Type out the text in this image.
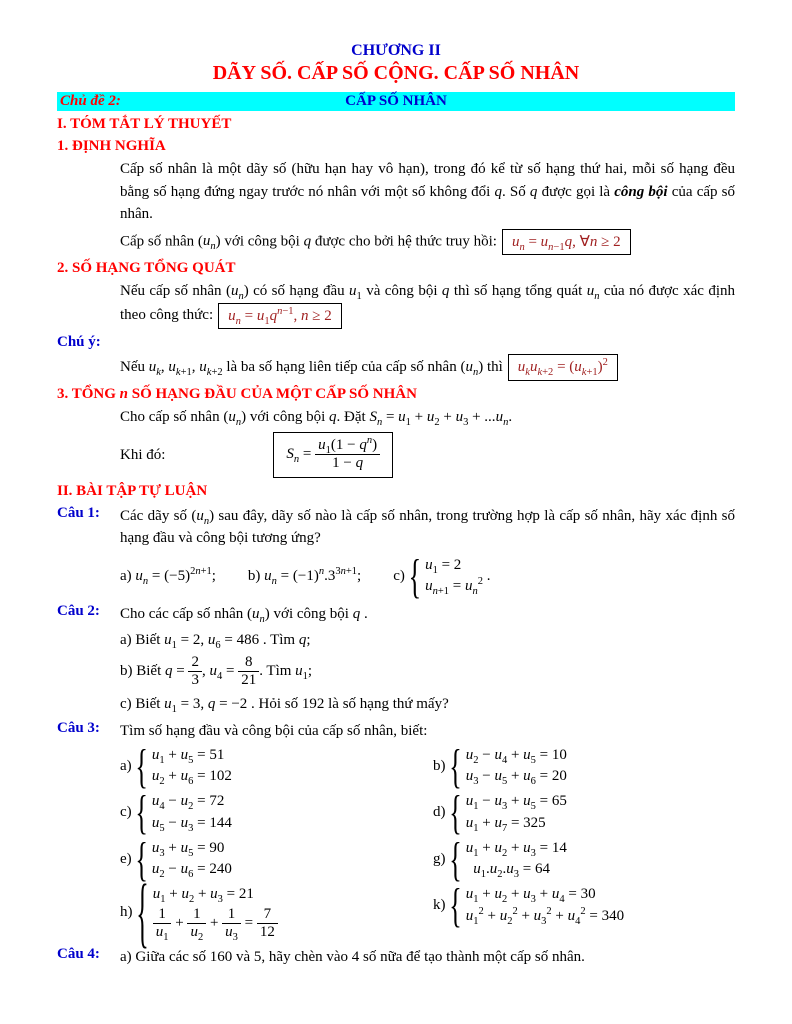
CHƯƠNG II
DÃY SỐ. CẤP SỐ CỘNG. CẤP SỐ NHÂN
Chủ đề 2:	CẤP SỐ NHÂN
I. TÓM TẮT LÝ THUYẾT
1. ĐỊNH NGHĨA
Cấp số nhân là một dãy số (hữu hạn hay vô hạn), trong đó kể từ số hạng thứ hai, mỗi số hạng đều bằng số hạng đứng ngay trước nó nhân với một số không đổi q. Số q được gọi là công bội của cấp số nhân.
Cấp số nhân $(u_n)$ với công bội q được cho bởi hệ thức truy hồi: $u_n = u_{n-1}q$, ∀n ≥ 2
2. SỐ HẠNG TỔNG QUÁT
Nếu cấp số nhân $(u_n)$ có số hạng đầu $u_1$ và công bội q thì số hạng tổng quát $u_n$ của nó được xác định theo công thức: $u_n = u_1q^{n-1}$, n ≥ 2
Chú ý:
Nếu $u_k$, $u_{k+1}$, $u_{k+2}$ là ba số hạng liên tiếp của cấp số nhân $(u_n)$ thì $u_ku_{k+2} = (u_{k+1})^2$
3. TỔNG n SỐ HẠNG ĐẦU CỦA MỘT CẤP SỐ NHÂN
Cho cấp số nhân $(u_n)$ với công bội q. Đặt $S_n = u_1 + u_2 + u_3 + ...u_n$.
Khi đó:	$S_n = \frac{u_1(1 - q^n)}{1 - q}$
II. BÀI TẬP TỰ LUẬN
Câu 1:	Các dãy số $(u_n)$ sau đây, dãy số nào là cấp số nhân, trong trường hợp là cấp số nhân, hãy xác định số hạng đầu và công bội tương ứng?
a) $u_n = (-5)^{2n+1}$; b) $u_n = (-1)^n.3^{3n+1}$; c) { $u_1 = 2$
$u_{n+1} = u_n^2$ .
Câu 2:	Cho các cấp số nhân $(u_n)$ với công bội q .
a) Biết $u_1 = 2$, $u_6 = 486$ . Tìm q;
b) Biết $q = \frac{2}{3}$ , $u_4 = \frac{8}{21}$ . Tìm $u_1$;
c) Biết $u_1 = 3$, q = −2 . Hỏi số 192 là số hạng thứ mấy?
Câu 3:	Tìm số hạng đầu và công bội của cấp số nhân, biết:
a) { $u_1 + u_5 = 51$
$u_2 + u_6 = 102$
b) { $u_2 - u_4 + u_5 = 10$
$u_3 - u_5 + u_6 = 20$
c) { $u_4 - u_2 = 72$
$u_5 - u_3 = 144$
d) { $u_1 - u_3 + u_5 = 65$
$u_1 + u_7 = 325$
e) { $u_3 + u_5 = 90$
$u_2 - u_6 = 240$
g) { $u_1 + u_2 + u_3 = 14$
$u_1.u_2.u_3 = 64$
h) { $u_1 + u_2 + u_3 = 21$
$\frac{1}{u_1} + \frac{1}{u_2} + \frac{1}{u_3} = \frac{7}{12}$
k) { $u_1 + u_2 + u_3 + u_4 = 30$
$u_1^2 + u_2^2 + u_3^2 + u_4^2 = 340$
Câu 4:	a) Giữa các số 160 và 5, hãy chèn vào 4 số nữa để tạo thành một cấp số nhân.
